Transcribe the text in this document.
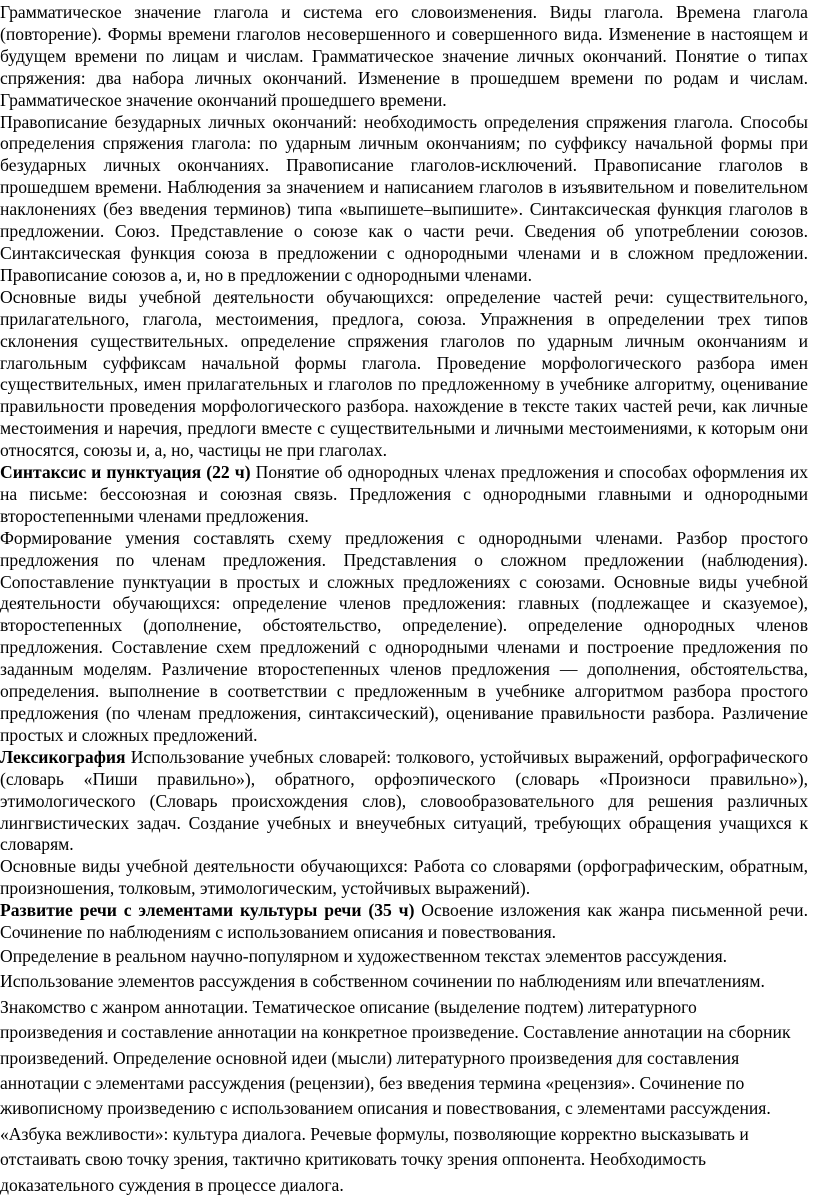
Грамматическое значение глагола и система его словоизменения. Виды глагола. Времена глагола (повторение). Формы времени глаголов несовершенного и совершенного вида. Изменение в настоящем и будущем времени по лицам и числам. Грамматическое значение личных окончаний. Понятие о типах спряжения: два набора личных окончаний. Изменение в прошедшем времени по родам и числам. Грамматическое значение окончаний прошедшего времени.

Правописание безударных личных окончаний: необходимость определения спряжения глагола. Способы определения спряжения глагола: по ударным личным окончаниям; по суффиксу начальной формы при безударных личных окончаниях. Правописание глаголов-исключений. Правописание глаголов в прошедшем времени. Наблюдения за значением и написанием глаголов в изъявительном и повелительном наклонениях (без введения терминов) типа «выпишете–выпишите». Синтаксическая функция глаголов в предложении. Союз. Представление о союзе как о части речи. Сведения об употреблении союзов. Синтаксическая функция союза в предложении с однородными членами и в сложном предложении. Правописание союзов а, и, но в предложении с однородными членами.

Основные виды учебной деятельности обучающихся: определение частей речи: существительного, прилагательного, глагола, местоимения, предлога, союза. Упражнения в определении трех типов склонения существительных. определение спряжения глаголов по ударным личным окончаниям и глагольным суффиксам начальной формы глагола. Проведение морфологического разбора имен существительных, имен прилагательных и глаголов по предложенному в учебнике алгоритму, оценивание правильности проведения морфологического разбора. нахождение в тексте таких частей речи, как личные местоимения и наречия, предлоги вместе с существительными и личными местоимениями, к которым они относятся, союзы и, а, но, частицы не при глаголах.

Синтаксис и пунктуация (22 ч) Понятие об однородных членах предложения и способах оформления их на письме: бессоюзная и союзная связь. Предложения с однородными главными и однородными второстепенными членами предложения.

Формирование умения составлять схему предложения с однородными членами. Разбор простого предложения по членам предложения. Представления о сложном предложении (наблюдения). Сопоставление пунктуации в простых и сложных предложениях с союзами. Основные виды учебной деятельности обучающихся: определение членов предложения: главных (подлежащее и сказуемое), второстепенных (дополнение, обстоятельство, определение). определение однородных членов предложения. Составление схем предложений с однородными членами и построение предложения по заданным моделям. Различение второстепенных членов предложения — дополнения, обстоятельства, определения. выполнение в соответствии с предложенным в учебнике алгоритмом разбора простого предложения (по членам предложения, синтаксический), оценивание правильности разбора. Различение простых и сложных предложений.

Лексикография Использование учебных словарей: толкового, устойчивых выражений, орфографического (словарь «Пиши правильно»), обратного, орфоэпического (словарь «Произноси правильно»), этимологического (Словарь происхождения слов), словообразовательного для решения различных лингвистических задач. Создание учебных и внеучебных ситуаций, требующих обращения учащихся к словарям.

Основные виды учебной деятельности обучающихся: Работа со словарями (орфографическим, обратным, произношения, толковым, этимологическим, устойчивых выражений).

Развитие речи с элементами культуры речи (35 ч) Освоение изложения как жанра письменной речи. Сочинение по наблюдениям с использованием описания и повествования.

Определение в реальном научно-популярном и художественном текстах элементов рассуждения. Использование элементов рассуждения в собственном сочинении по наблюдениям или впечатлениям. Знакомство с жанром аннотации. Тематическое описание (выделение подтем) литературного произведения и составление аннотации на конкретное произведение. Составление аннотации на сборник произведений. Определение основной идеи (мысли) литературного произведения для составления аннотации с элементами рассуждения (рецензии), без введения термина «рецензия». Сочинение по живописному произведению с использованием описания и повествования, с элементами рассуждения. «Азбука вежливости»: культура диалога. Речевые формулы, позволяющие корректно высказывать и отстаивать свою точку зрения, тактично критиковать точку зрения оппонента. Необходимость доказательного суждения в процессе диалога.
